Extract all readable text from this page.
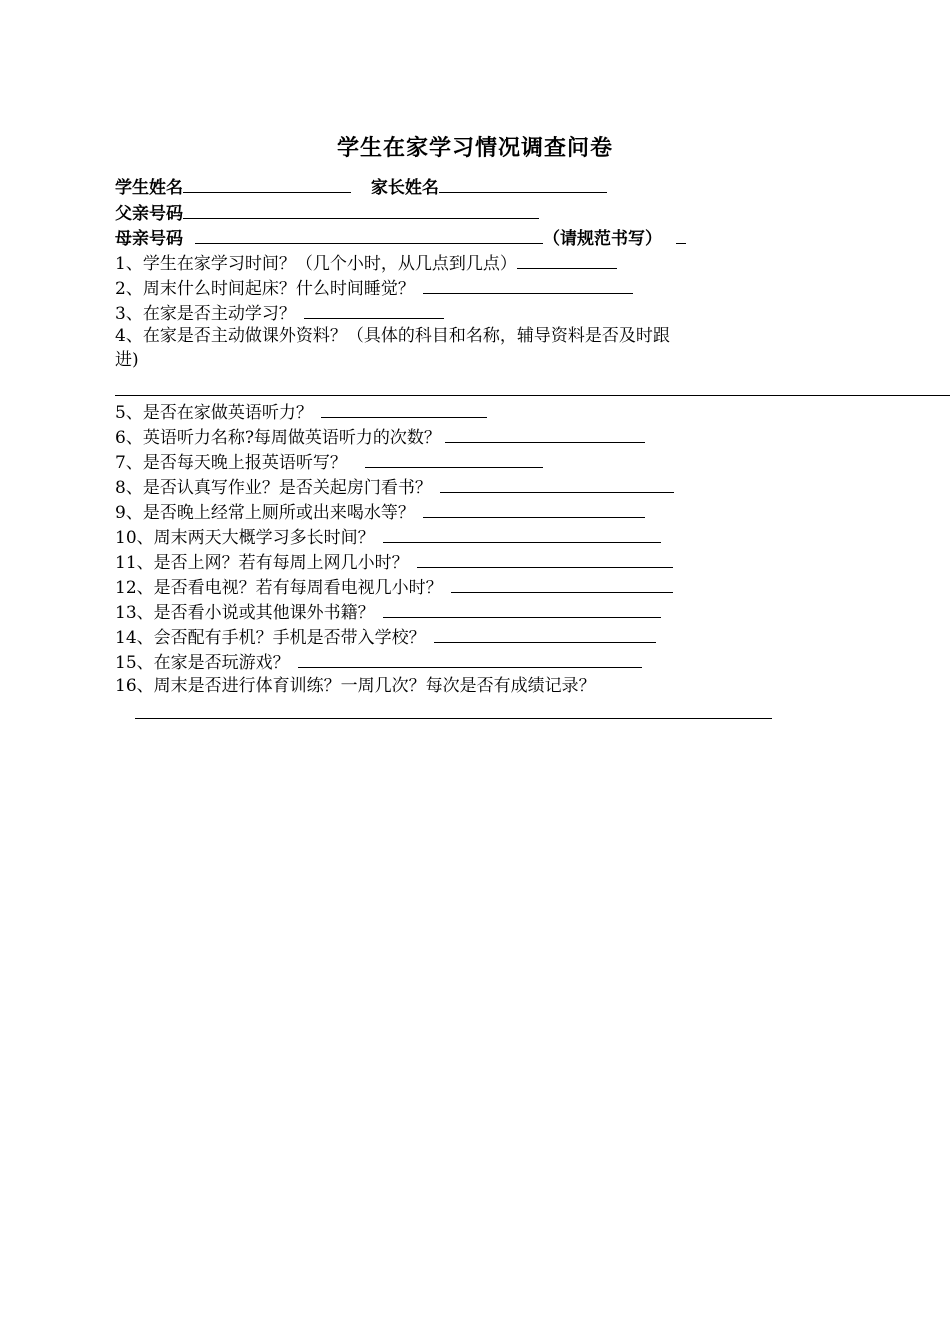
学生在家学习情况调查问卷
学生姓名	家长姓名
父亲号码
母亲号码	（请规范书写）
1、学生在家学习时间？（几个小时，从几点到几点）
2、周末什么时间起床？什么时间睡觉？
3、在家是否主动学习？
4、在家是否主动做课外资料？（具体的科目和名称，辅导资料是否及时跟
进)
5、是否在家做英语听力？
6、英语听力名称?每周做英语听力的次数？
7、是否每天晚上报英语听写？
8、是否认真写作业？是否关起房门看书？
9、是否晚上经常上厕所或出来喝水等？
10、周末两天大概学习多长时间？
11、是否上网？若有每周上网几小时？
12、是否看电视？若有每周看电视几小时？
13、是否看小说或其他课外书籍？
14、会否配有手机？手机是否带入学校？
15、在家是否玩游戏？
16、周末是否进行体育训练？一周几次？每次是否有成绩记录？
